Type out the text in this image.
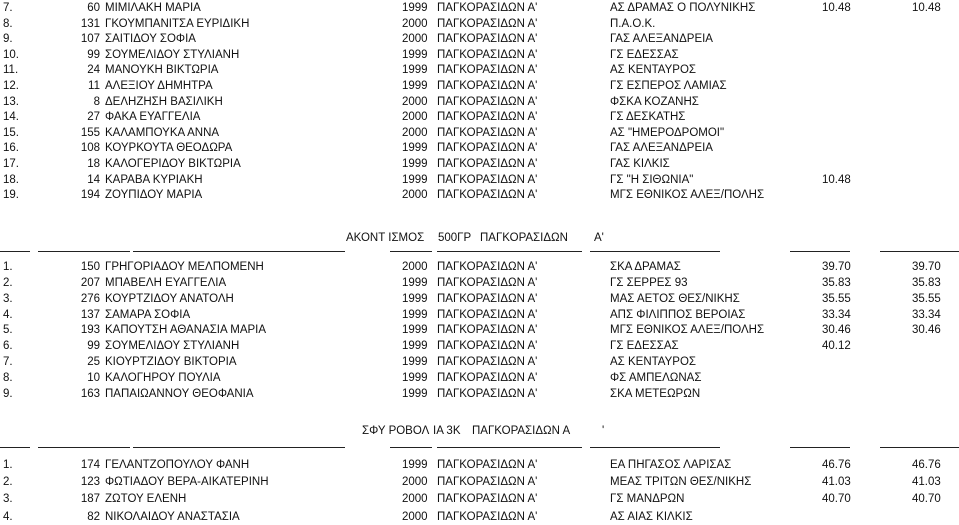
7.	60 ΜΙΜΙΛΑΚΗ ΜΑΡΙΑ	1999 ΠΑΓΚΟΡΑΣΙΔΩΝ Α'	ΑΣ ΔΡΑΜΑΣ Ο ΠΟΛΥΝΙΚΗΣ	10.48	10.48
8.	131 ΓΚΟΥΜΠΑΝΙΤΣΑ ΕΥΡΙΔΙΚΗ	2000 ΠΑΓΚΟΡΑΣΙΔΩΝ Α'	Π.Α.Ο.Κ.
9.	107 ΣΑΙΤΙΔΟΥ ΣΟΦΙΑ	2000 ΠΑΓΚΟΡΑΣΙΔΩΝ Α'	ΓΑΣ ΑΛΕΞΑΝΔΡΕΙΑ
10.	99 ΣΟΥΜΕΛΙΔΟΥ ΣΤΥΛΙΑΝΗ	1999 ΠΑΓΚΟΡΑΣΙΔΩΝ Α'	ΓΣ ΕΔΕΣΣΑΣ
11.	24 ΜΑΝΟΥΚΗ ΒΙΚΤΩΡΙΑ	1999 ΠΑΓΚΟΡΑΣΙΔΩΝ Α'	ΑΣ ΚΕΝΤΑΥΡΟΣ
12.	11 ΑΛΕΞΙΟΥ ΔΗΜΗΤΡΑ	1999 ΠΑΓΚΟΡΑΣΙΔΩΝ Α'	ΓΣ ΕΣΠΕΡΟΣ ΛΑΜΙΑΣ
13.	8 ΔΕΛΗΖΗΣΗ ΒΑΣΙΛΙΚΗ	2000 ΠΑΓΚΟΡΑΣΙΔΩΝ Α'	ΦΣΚΑ ΚΟΖΑΝΗΣ
14.	27 ΦΑΚΑ ΕΥΑΓΓΕΛΙΑ	2000 ΠΑΓΚΟΡΑΣΙΔΩΝ Α'	ΓΣ ΔΕΣΚΑΤΗΣ
15.	155 ΚΑΛΑΜΠΟΥΚΑ ΑΝΝΑ	2000 ΠΑΓΚΟΡΑΣΙΔΩΝ Α'	ΑΣ "ΗΜΕΡΟΔΡΟΜΟΙ"
16.	108 ΚΟΥΡΚΟΥΤΑ ΘΕΟΔΩΡΑ	1999 ΠΑΓΚΟΡΑΣΙΔΩΝ Α'	ΓΑΣ ΑΛΕΞΑΝΔΡΕΙΑ
17.	18 ΚΑΛΟΓΕΡΙΔΟΥ ΒΙΚΤΩΡΙΑ	1999 ΠΑΓΚΟΡΑΣΙΔΩΝ Α'	ΓΑΣ ΚΙΛΚΙΣ
18.	14 ΚΑΡΑΒΑ ΚΥΡΙΑΚΗ	1999 ΠΑΓΚΟΡΑΣΙΔΩΝ Α'	ΓΣ "Η ΣΙΘΩΝΙΑ"	10.48
19.	194 ΖΟΥΠΙΔΟΥ ΜΑΡΙΑ	2000 ΠΑΓΚΟΡΑΣΙΔΩΝ Α'	ΜΓΣ ΕΘΝΙΚΟΣ ΑΛΕΞ/ΠΟΛΗΣ
ΑΚΟΝΤ ΙΣΜΟΣ 500ΓΡ ΠΑΓΚΟΡΑΣΙΔΩΝ Α'
1.	150 ΓΡΗΓΟΡΙΑΔΟΥ ΜΕΛΠΟΜΕΝΗ	2000 ΠΑΓΚΟΡΑΣΙΔΩΝ Α'	ΣΚΑ ΔΡΑΜΑΣ	39.70	39.70
2.	207 ΜΠΑΒΕΛΗ ΕΥΑΓΓΕΛΙΑ	1999 ΠΑΓΚΟΡΑΣΙΔΩΝ Α'	ΓΣ ΣΕΡΡΕΣ 93	35.83	35.83
3.	276 ΚΟΥΡΤΖΙΔΟΥ ΑΝΑΤΟΛΗ	1999 ΠΑΓΚΟΡΑΣΙΔΩΝ Α'	ΜΑΣ ΑΕΤΟΣ ΘΕΣ/ΝΙΚΗΣ	35.55	35.55
4.	137 ΣΑΜΑΡΑ ΣΟΦΙΑ	1999 ΠΑΓΚΟΡΑΣΙΔΩΝ Α'	ΑΠΣ ΦΙΛΙΠΠΟΣ ΒΕΡΟΙΑΣ	33.34	33.34
5.	193 ΚΑΠΟΥΤΣΗ ΑΘΑΝΑΣΙΑ ΜΑΡΙΑ	1999 ΠΑΓΚΟΡΑΣΙΔΩΝ Α'	ΜΓΣ ΕΘΝΙΚΟΣ ΑΛΕΞ/ΠΟΛΗΣ	30.46	30.46
6.	99 ΣΟΥΜΕΛΙΔΟΥ ΣΤΥΛΙΑΝΗ	1999 ΠΑΓΚΟΡΑΣΙΔΩΝ Α'	ΓΣ ΕΔΕΣΣΑΣ	40.12
7.	25 ΚΙΟΥΡΤΖΙΔΟΥ ΒΙΚΤΟΡΙΑ	1999 ΠΑΓΚΟΡΑΣΙΔΩΝ Α'	ΑΣ ΚΕΝΤΑΥΡΟΣ
8.	10 ΚΑΛΟΓΗΡΟΥ ΠΟΥΛΙΑ	1999 ΠΑΓΚΟΡΑΣΙΔΩΝ Α'	ΦΣ ΑΜΠΕΛΩΝΑΣ
9.	163 ΠΑΠΑΙΩΑΝΝΟΥ ΘΕΟΦΑΝΙΑ	1999 ΠΑΓΚΟΡΑΣΙΔΩΝ Α'	ΣΚΑ ΜΕΤΕΩΡΩΝ
ΣΦΥ ΡΟΒΟΛ ΙΑ 3Κ ΠΑΓΚΟΡΑΣΙΔΩΝ Α	'
1.	174 ΓΕΛΑΝΤΖΟΠΟΥΛΟΥ ΦΑΝΗ	1999 ΠΑΓΚΟΡΑΣΙΔΩΝ Α'	ΕΑ ΠΗΓΑΣΟΣ ΛΑΡΙΣΑΣ	46.76	46.76
2.	123 ΦΩΤΙΑΔΟΥ ΒΕΡΑ-ΑΙΚΑΤΕΡΙΝΗ	2000 ΠΑΓΚΟΡΑΣΙΔΩΝ Α'	ΜΕΑΣ ΤΡΙΤΩΝ ΘΕΣ/ΝΙΚΗΣ	41.03	41.03
3.	187 ΖΩΤΟΥ ΕΛΕΝΗ	2000 ΠΑΓΚΟΡΑΣΙΔΩΝ Α'	ΓΣ ΜΑΝΔΡΩΝ	40.70	40.70
4.	82 ΝΙΚΟΛΑΙΔΟΥ ΑΝΑΣΤΑΣΙΑ	2000 ΠΑΓΚΟΡΑΣΙΔΩΝ Α'	ΑΣ ΑΙΑΣ ΚΙΛΚΙΣ
